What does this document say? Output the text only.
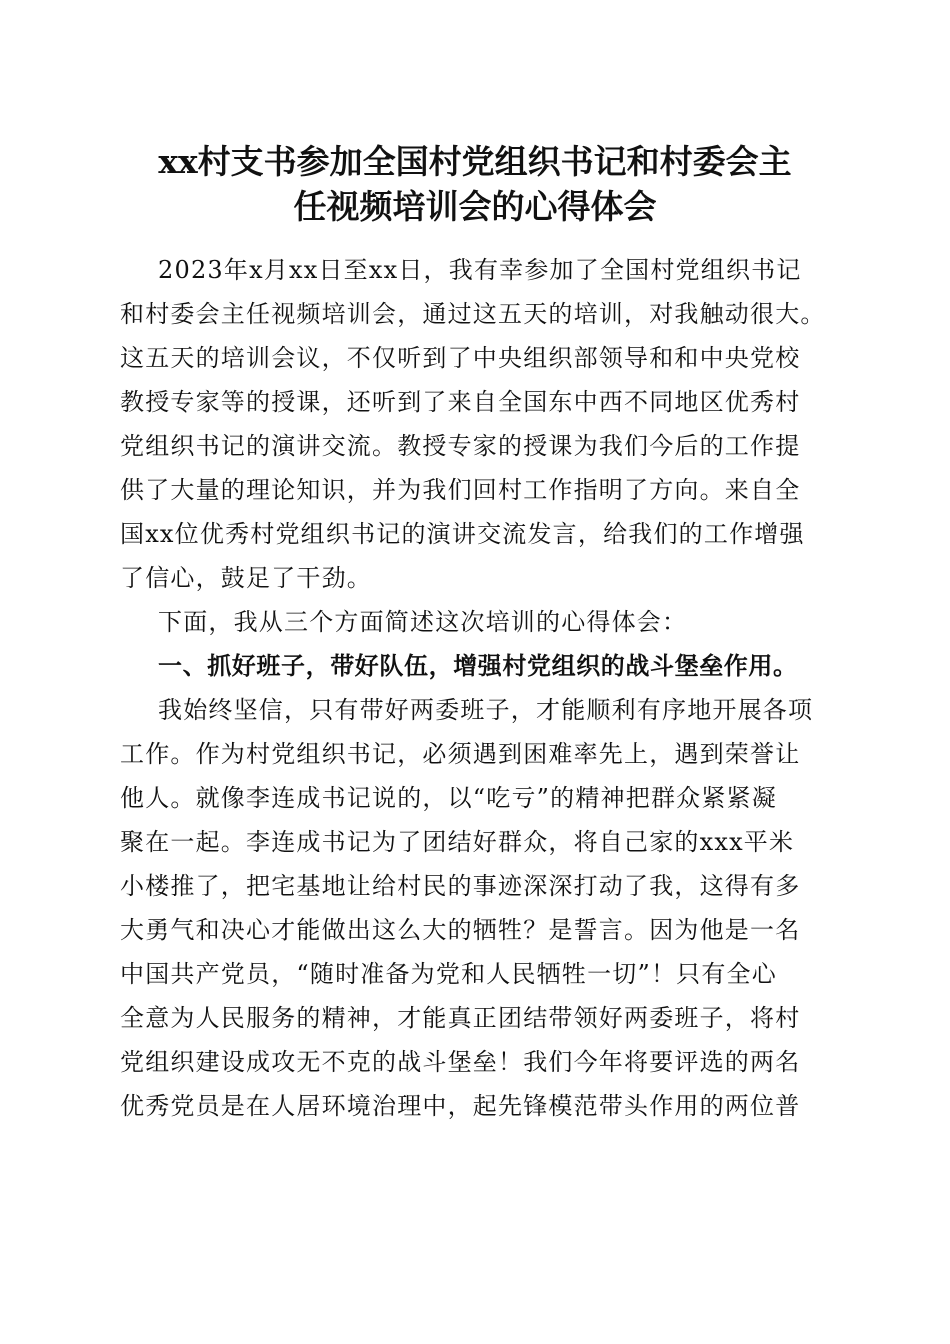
xx村支书参加全国村党组织书记和村委会主
任视频培训会的心得体会
2023年x月xx日至xx日，我有幸参加了全国村党组织书记
和村委会主任视频培训会，通过这五天的培训，对我触动很大。
这五天的培训会议，不仅听到了中央组织部领导和和中央党校
教授专家等的授课，还听到了来自全国东中西不同地区优秀村
党组织书记的演讲交流。教授专家的授课为我们今后的工作提
供了大量的理论知识，并为我们回村工作指明了方向。来自全
国xx位优秀村党组织书记的演讲交流发言，给我们的工作增强
了信心，鼓足了干劲。
下面，我从三个方面简述这次培训的心得体会：
一、抓好班子，带好队伍，增强村党组织的战斗堡垒作用。
我始终坚信，只有带好两委班子，才能顺利有序地开展各项
工作。作为村党组织书记，必须遇到困难率先上，遇到荣誉让
他人。就像李连成书记说的，以“吃亏”的精神把群众紧紧凝
聚在一起。李连成书记为了团结好群众，将自己家的xxx平米
小楼推了，把宅基地让给村民的事迹深深打动了我，这得有多
大勇气和决心才能做出这么大的牺牲？是誓言。因为他是一名
中国共产党员，“随时准备为党和人民牺牲一切”！只有全心
全意为人民服务的精神，才能真正团结带领好两委班子，将村
党组织建设成攻无不克的战斗堡垒！我们今年将要评选的两名
优秀党员是在人居环境治理中，起先锋模范带头作用的两位普
